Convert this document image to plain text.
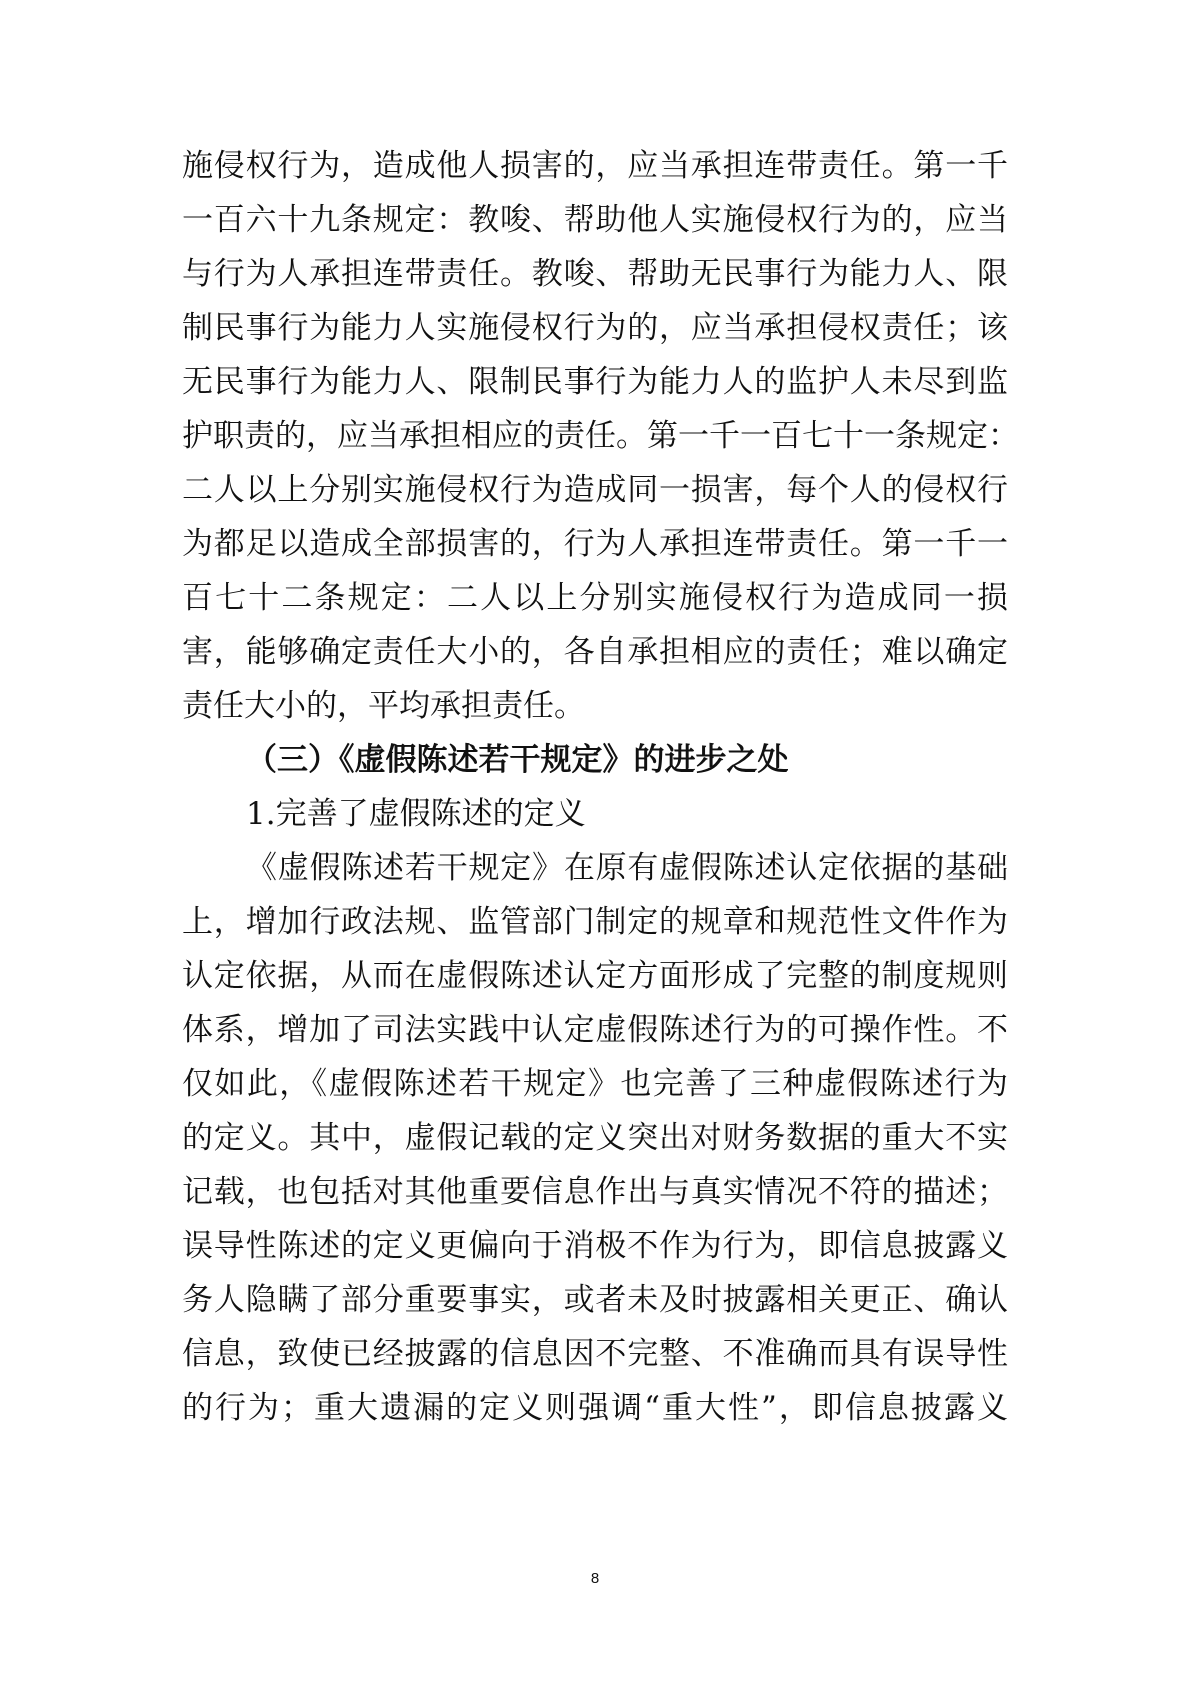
施侵权行为，造成他人损害的，应当承担连带责任。第一千
一百六十九条规定：教唆、帮助他人实施侵权行为的，应当
与行为人承担连带责任。教唆、帮助无民事行为能力人、限
制民事行为能力人实施侵权行为的，应当承担侵权责任；该
无民事行为能力人、限制民事行为能力人的监护人未尽到监
护职责的，应当承担相应的责任。第一千一百七十一条规定：
二人以上分别实施侵权行为造成同一损害，每个人的侵权行
为都足以造成全部损害的，行为人承担连带责任。第一千一
百七十二条规定：二人以上分别实施侵权行为造成同一损
害，能够确定责任大小的，各自承担相应的责任；难以确定
责任大小的，平均承担责任。
（三）《虚假陈述若干规定》的进步之处
1.完善了虚假陈述的定义
《虚假陈述若干规定》在原有虚假陈述认定依据的基础
上，增加行政法规、监管部门制定的规章和规范性文件作为
认定依据，从而在虚假陈述认定方面形成了完整的制度规则
体系，增加了司法实践中认定虚假陈述行为的可操作性。不
仅如此，《虚假陈述若干规定》也完善了三种虚假陈述行为
的定义。其中，虚假记载的定义突出对财务数据的重大不实
记载，也包括对其他重要信息作出与真实情况不符的描述；
误导性陈述的定义更偏向于消极不作为行为，即信息披露义
务人隐瞒了部分重要事实，或者未及时披露相关更正、确认
信息，致使已经披露的信息因不完整、不准确而具有误导性
的行为；重大遗漏的定义则强调“重大性”，即信息披露义
8
